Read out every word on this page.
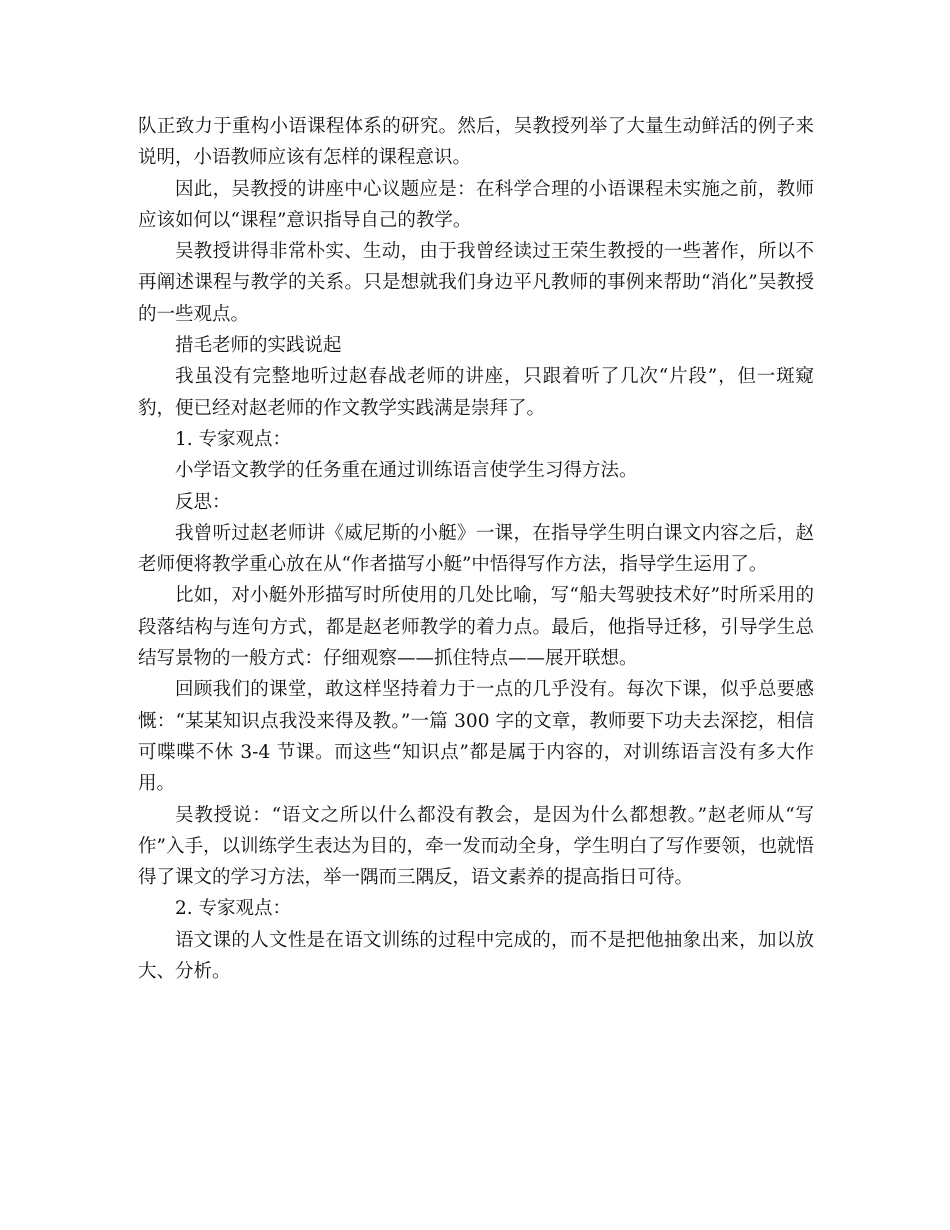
队正致力于重构小语课程体系的研究。然后，吴教授列举了大量生动鲜活的例子来说明，小语教师应该有怎样的课程意识。

因此，吴教授的讲座中心议题应是：在科学合理的小语课程未实施之前，教师应该如何以“课程”意识指导自己的教学。

吴教授讲得非常朴实、生动，由于我曾经读过王荣生教授的一些著作，所以不再阐述课程与教学的关系。只是想就我们身边平凡教师的事例来帮助“消化”吴教授的一些观点。

措毛老师的实践说起

我虽没有完整地听过赵春战老师的讲座，只跟着听了几次“片段”，但一斑窥豹，便已经对赵老师的作文教学实践满是崇拜了。

1. 专家观点：

小学语文教学的任务重在通过训练语言使学生习得方法。

反思：

我曾听过赵老师讲《威尼斯的小艇》一课，在指导学生明白课文内容之后，赵老师便将教学重心放在从“作者描写小艇”中悟得写作方法，指导学生运用了。

比如，对小艇外形描写时所使用的几处比喻，写“船夫驾驶技术好”时所采用的段落结构与连句方式，都是赵老师教学的着力点。最后，他指导迁移，引导学生总结写景物的一般方式：仔细观察——抓住特点——展开联想。

回顾我们的课堂，敢这样坚持着力于一点的几乎没有。每次下课，似乎总要感慨：“某某知识点我没来得及教。”一篇 300 字的文章，教师要下功夫去深挖，相信可喋喋不休 3-4 节课。而这些“知识点”都是属于内容的，对训练语言没有多大作用。

吴教授说：“语文之所以什么都没有教会，是因为什么都想教。”赵老师从“写作”入手，以训练学生表达为目的，牵一发而动全身，学生明白了写作要领，也就悟得了课文的学习方法，举一隅而三隅反，语文素养的提高指日可待。

2. 专家观点：

语文课的人文性是在语文训练的过程中完成的，而不是把他抽象出来，加以放大、分析。
